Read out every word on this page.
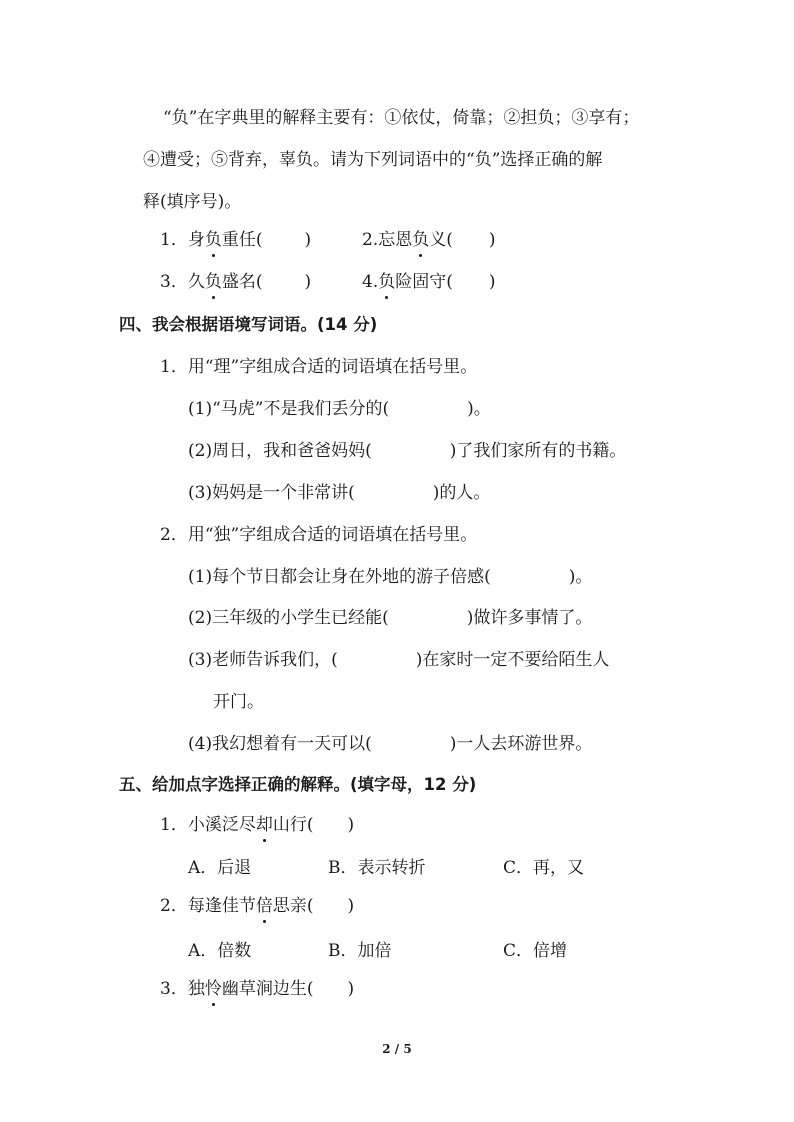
“负”在字典里的解释主要有：①依仗，倚靠；②担负；③享有；
④遭受；⑤背弃，辜负。请为下列词语中的“负”选择正确的解
释(填序号)。
1．身负重任( )	2.忘恩负义( )
3．久负盛名( )	4.负险固守( )
四、我会根据语境写词语。(14 分)
1．用“理”字组成合适的词语填在括号里。
(1)“马虎”不是我们丢分的(	)。
(2)周日，我和爸爸妈妈(	)了我们家所有的书籍。
(3)妈妈是一个非常讲(	)的人。
2．用“独”字组成合适的词语填在括号里。
(1)每个节日都会让身在外地的游子倍感(	)。
(2)三年级的小学生已经能(	)做许多事情了。
(3)老师告诉我们，(	)在家时一定不要给陌生人
开门。
(4)我幻想着有一天可以(	)一人去环游世界。
五、给加点字选择正确的解释。(填字母，12 分)
1．小溪泛尽却山行( )
A．后退	B．表示转折	C．再，又
2．每逢佳节倍思亲( )
A．倍数	B．加倍	C．倍增
3．独怜幽草涧边生( )
2 / 5
